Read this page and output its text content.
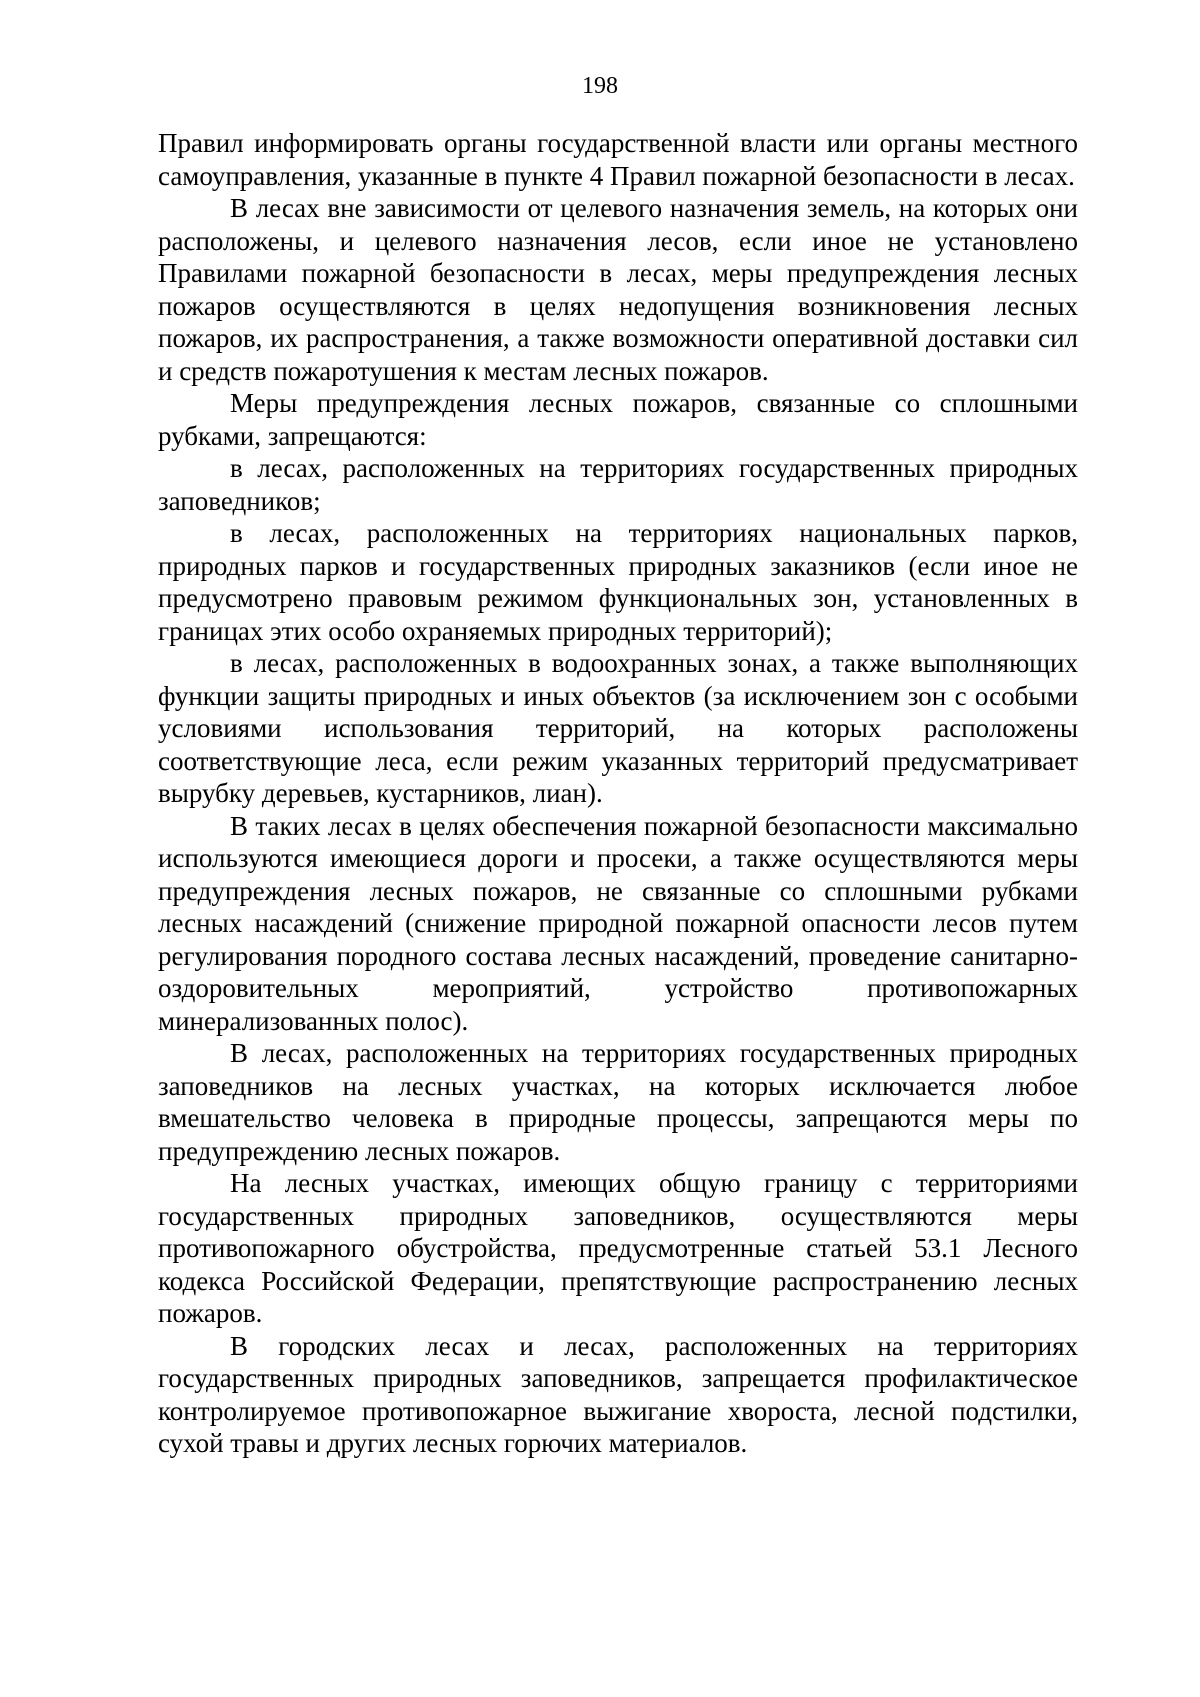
198

Правил информировать органы государственной власти или органы местного самоуправления, указанные в пункте 4 Правил пожарной безопасности в лесах.

В лесах вне зависимости от целевого назначения земель, на которых они расположены, и целевого назначения лесов, если иное не установлено Правилами пожарной безопасности в лесах, меры предупреждения лесных пожаров осуществляются в целях недопущения возникновения лесных пожаров, их распространения, а также возможности оперативной доставки сил и средств пожаротушения к местам лесных пожаров.

Меры предупреждения лесных пожаров, связанные со сплошными рубками, запрещаются:

в лесах, расположенных на территориях государственных природных заповедников;

в лесах, расположенных на территориях национальных парков, природных парков и государственных природных заказников (если иное не предусмотрено правовым режимом функциональных зон, установленных в границах этих особо охраняемых природных территорий);

в лесах, расположенных в водоохранных зонах, а также выполняющих функции защиты природных и иных объектов (за исключением зон с особыми условиями использования территорий, на которых расположены соответствующие леса, если режим указанных территорий предусматривает вырубку деревьев, кустарников, лиан).

В таких лесах в целях обеспечения пожарной безопасности максимально используются имеющиеся дороги и просеки, а также осуществляются меры предупреждения лесных пожаров, не связанные со сплошными рубками лесных насаждений (снижение природной пожарной опасности лесов путем регулирования породного состава лесных насаждений, проведение санитарно-оздоровительных мероприятий, устройство противопожарных минерализованных полос).

В лесах, расположенных на территориях государственных природных заповедников на лесных участках, на которых исключается любое вмешательство человека в природные процессы, запрещаются меры по предупреждению лесных пожаров.

На лесных участках, имеющих общую границу с территориями государственных природных заповедников, осуществляются меры противопожарного обустройства, предусмотренные статьей 53.1 Лесного кодекса Российской Федерации, препятствующие распространению лесных пожаров.

В городских лесах и лесах, расположенных на территориях государственных природных заповедников, запрещается профилактическое контролируемое противопожарное выжигание хвороста, лесной подстилки, сухой травы и других лесных горючих материалов.
